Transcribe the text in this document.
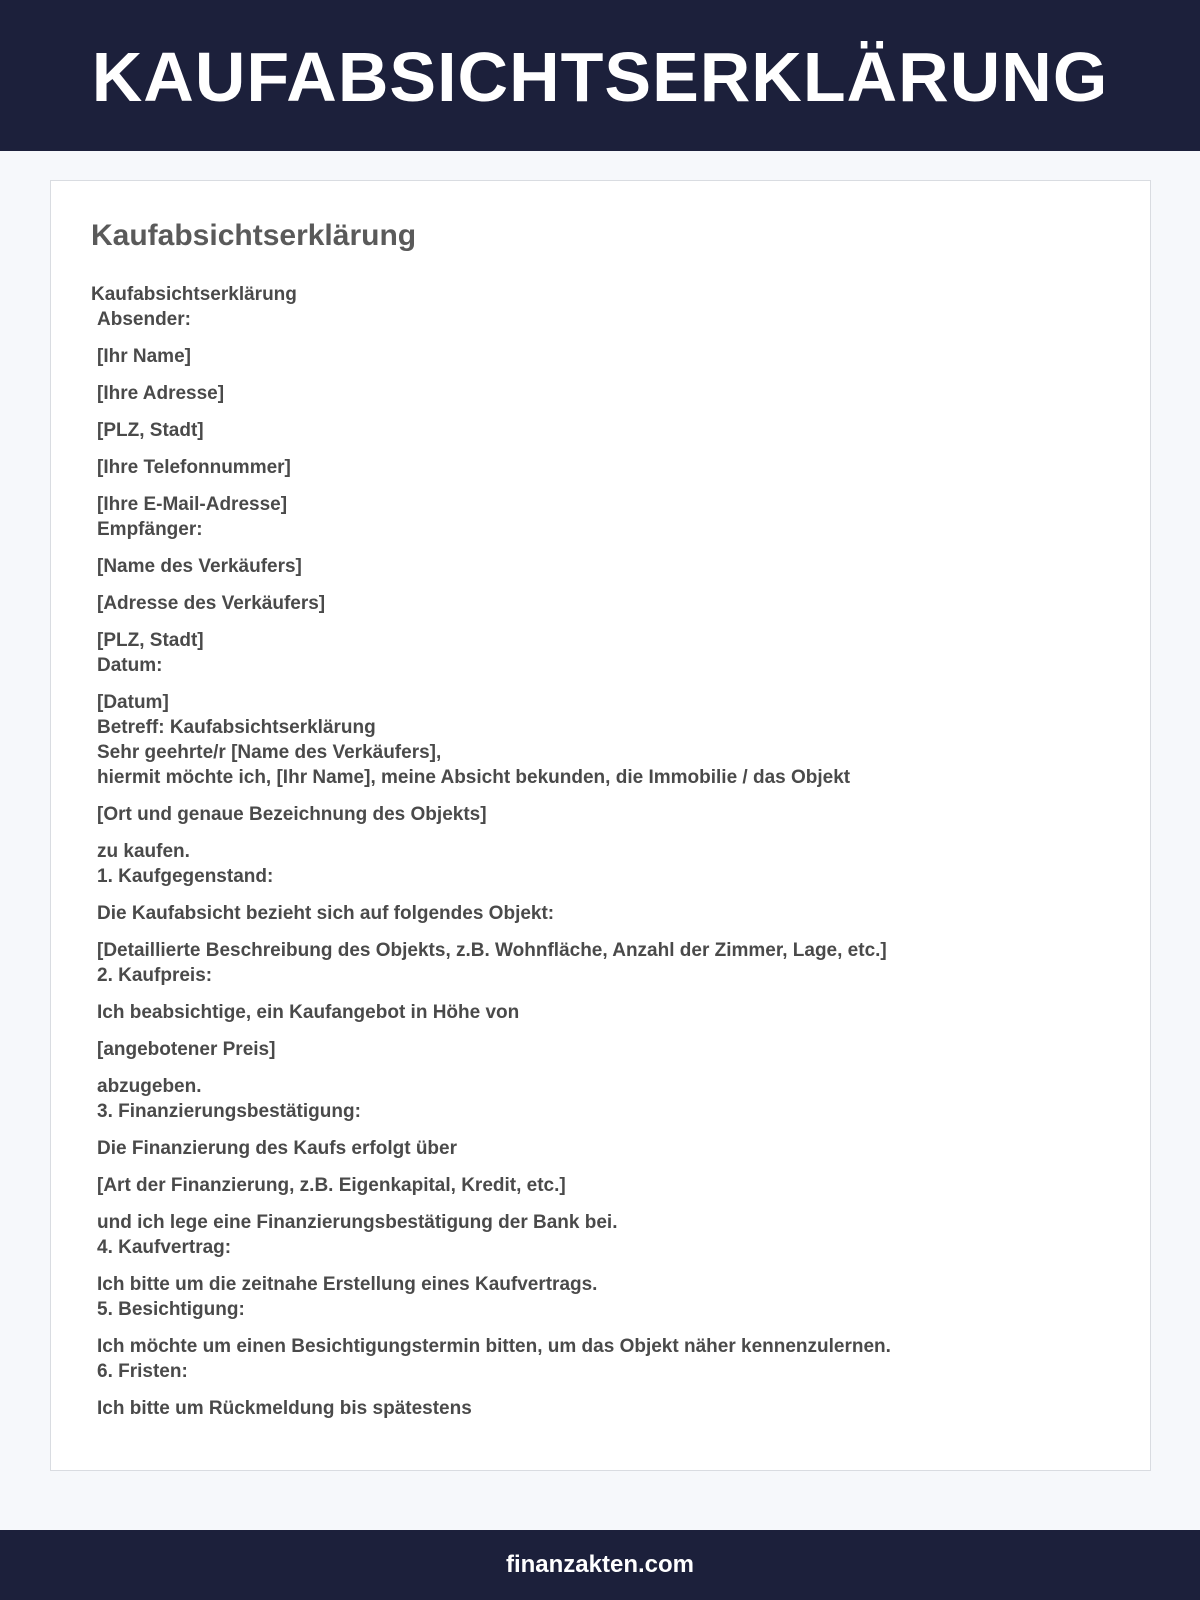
KAUFABSICHTSERKLÄRUNG
Kaufabsichtserklärung
Kaufabsichtserklärung
Absender:
[Ihr Name]
[Ihre Adresse]
[PLZ, Stadt]
[Ihre Telefonnummer]
[Ihre E-Mail-Adresse]
Empfänger:
[Name des Verkäufers]
[Adresse des Verkäufers]
[PLZ, Stadt]
Datum:
[Datum]
Betreff: Kaufabsichtserklärung
Sehr geehrte/r [Name des Verkäufers],
hiermit möchte ich, [Ihr Name], meine Absicht bekunden, die Immobilie / das Objekt
[Ort und genaue Bezeichnung des Objekts]
zu kaufen.
1. Kaufgegenstand:
Die Kaufabsicht bezieht sich auf folgendes Objekt:
[Detaillierte Beschreibung des Objekts, z.B. Wohnfläche, Anzahl der Zimmer, Lage, etc.]
2. Kaufpreis:
Ich beabsichtige, ein Kaufangebot in Höhe von
[angebotener Preis]
abzugeben.
3. Finanzierungsbestätigung:
Die Finanzierung des Kaufs erfolgt über
[Art der Finanzierung, z.B. Eigenkapital, Kredit, etc.]
und ich lege eine Finanzierungsbestätigung der Bank bei.
4. Kaufvertrag:
Ich bitte um die zeitnahe Erstellung eines Kaufvertrags.
5. Besichtigung:
Ich möchte um einen Besichtigungstermin bitten, um das Objekt näher kennenzulernen.
6. Fristen:
Ich bitte um Rückmeldung bis spätestens
finanzakten.com
